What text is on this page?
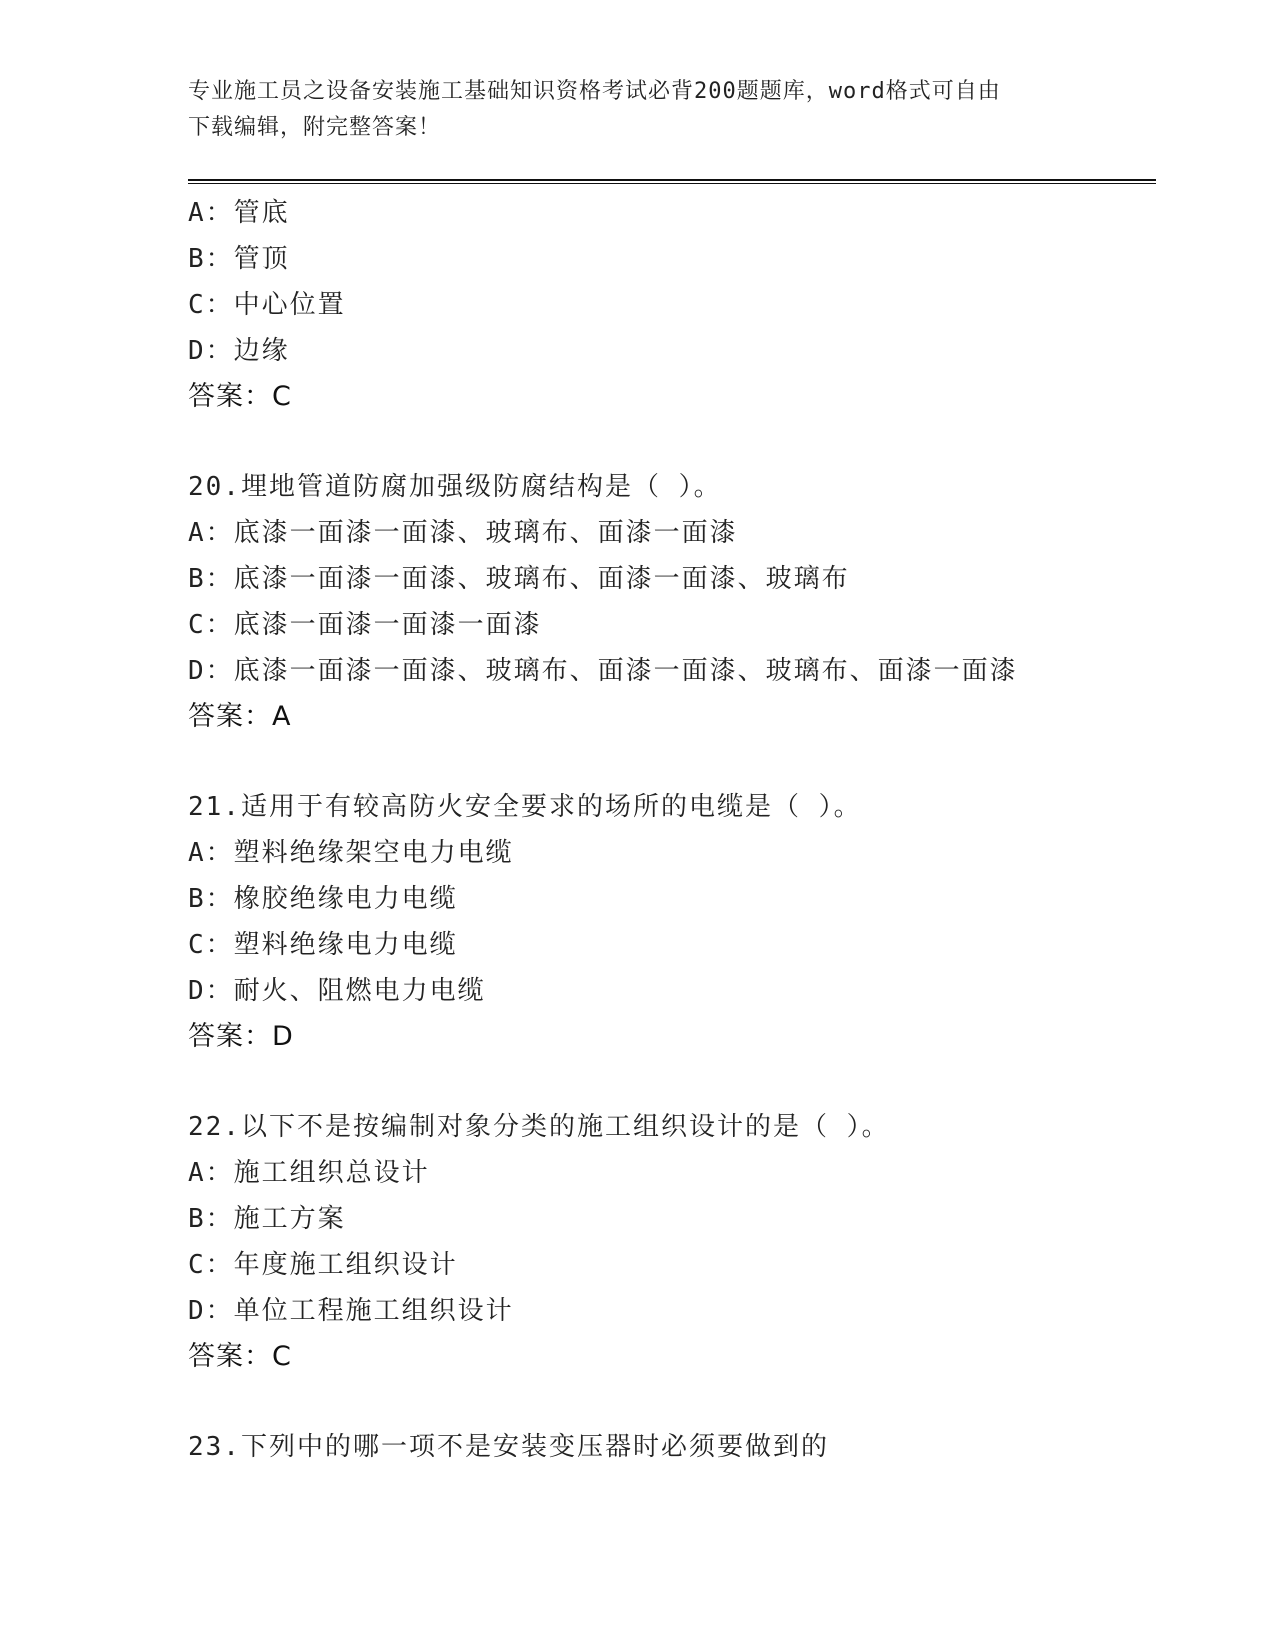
专业施工员之设备安装施工基础知识资格考试必背200题题库，word格式可自由
下载编辑，附完整答案！
A：管底
B：管顶
C：中心位置
D：边缘
答案：C
20.埋地管道防腐加强级防腐结构是（ ）。
A：底漆一面漆一面漆、玻璃布、面漆一面漆
B：底漆一面漆一面漆、玻璃布、面漆一面漆、玻璃布
C：底漆一面漆一面漆一面漆
D：底漆一面漆一面漆、玻璃布、面漆一面漆、玻璃布、面漆一面漆
答案：A
21.适用于有较高防火安全要求的场所的电缆是（ ）。
A：塑料绝缘架空电力电缆
B：橡胶绝缘电力电缆
C：塑料绝缘电力电缆
D：耐火、阻燃电力电缆
答案：D
22.以下不是按编制对象分类的施工组织设计的是（ ）。
A：施工组织总设计
B：施工方案
C：年度施工组织设计
D：单位工程施工组织设计
答案：C
23.下列中的哪一项不是安装变压器时必须要做到的
